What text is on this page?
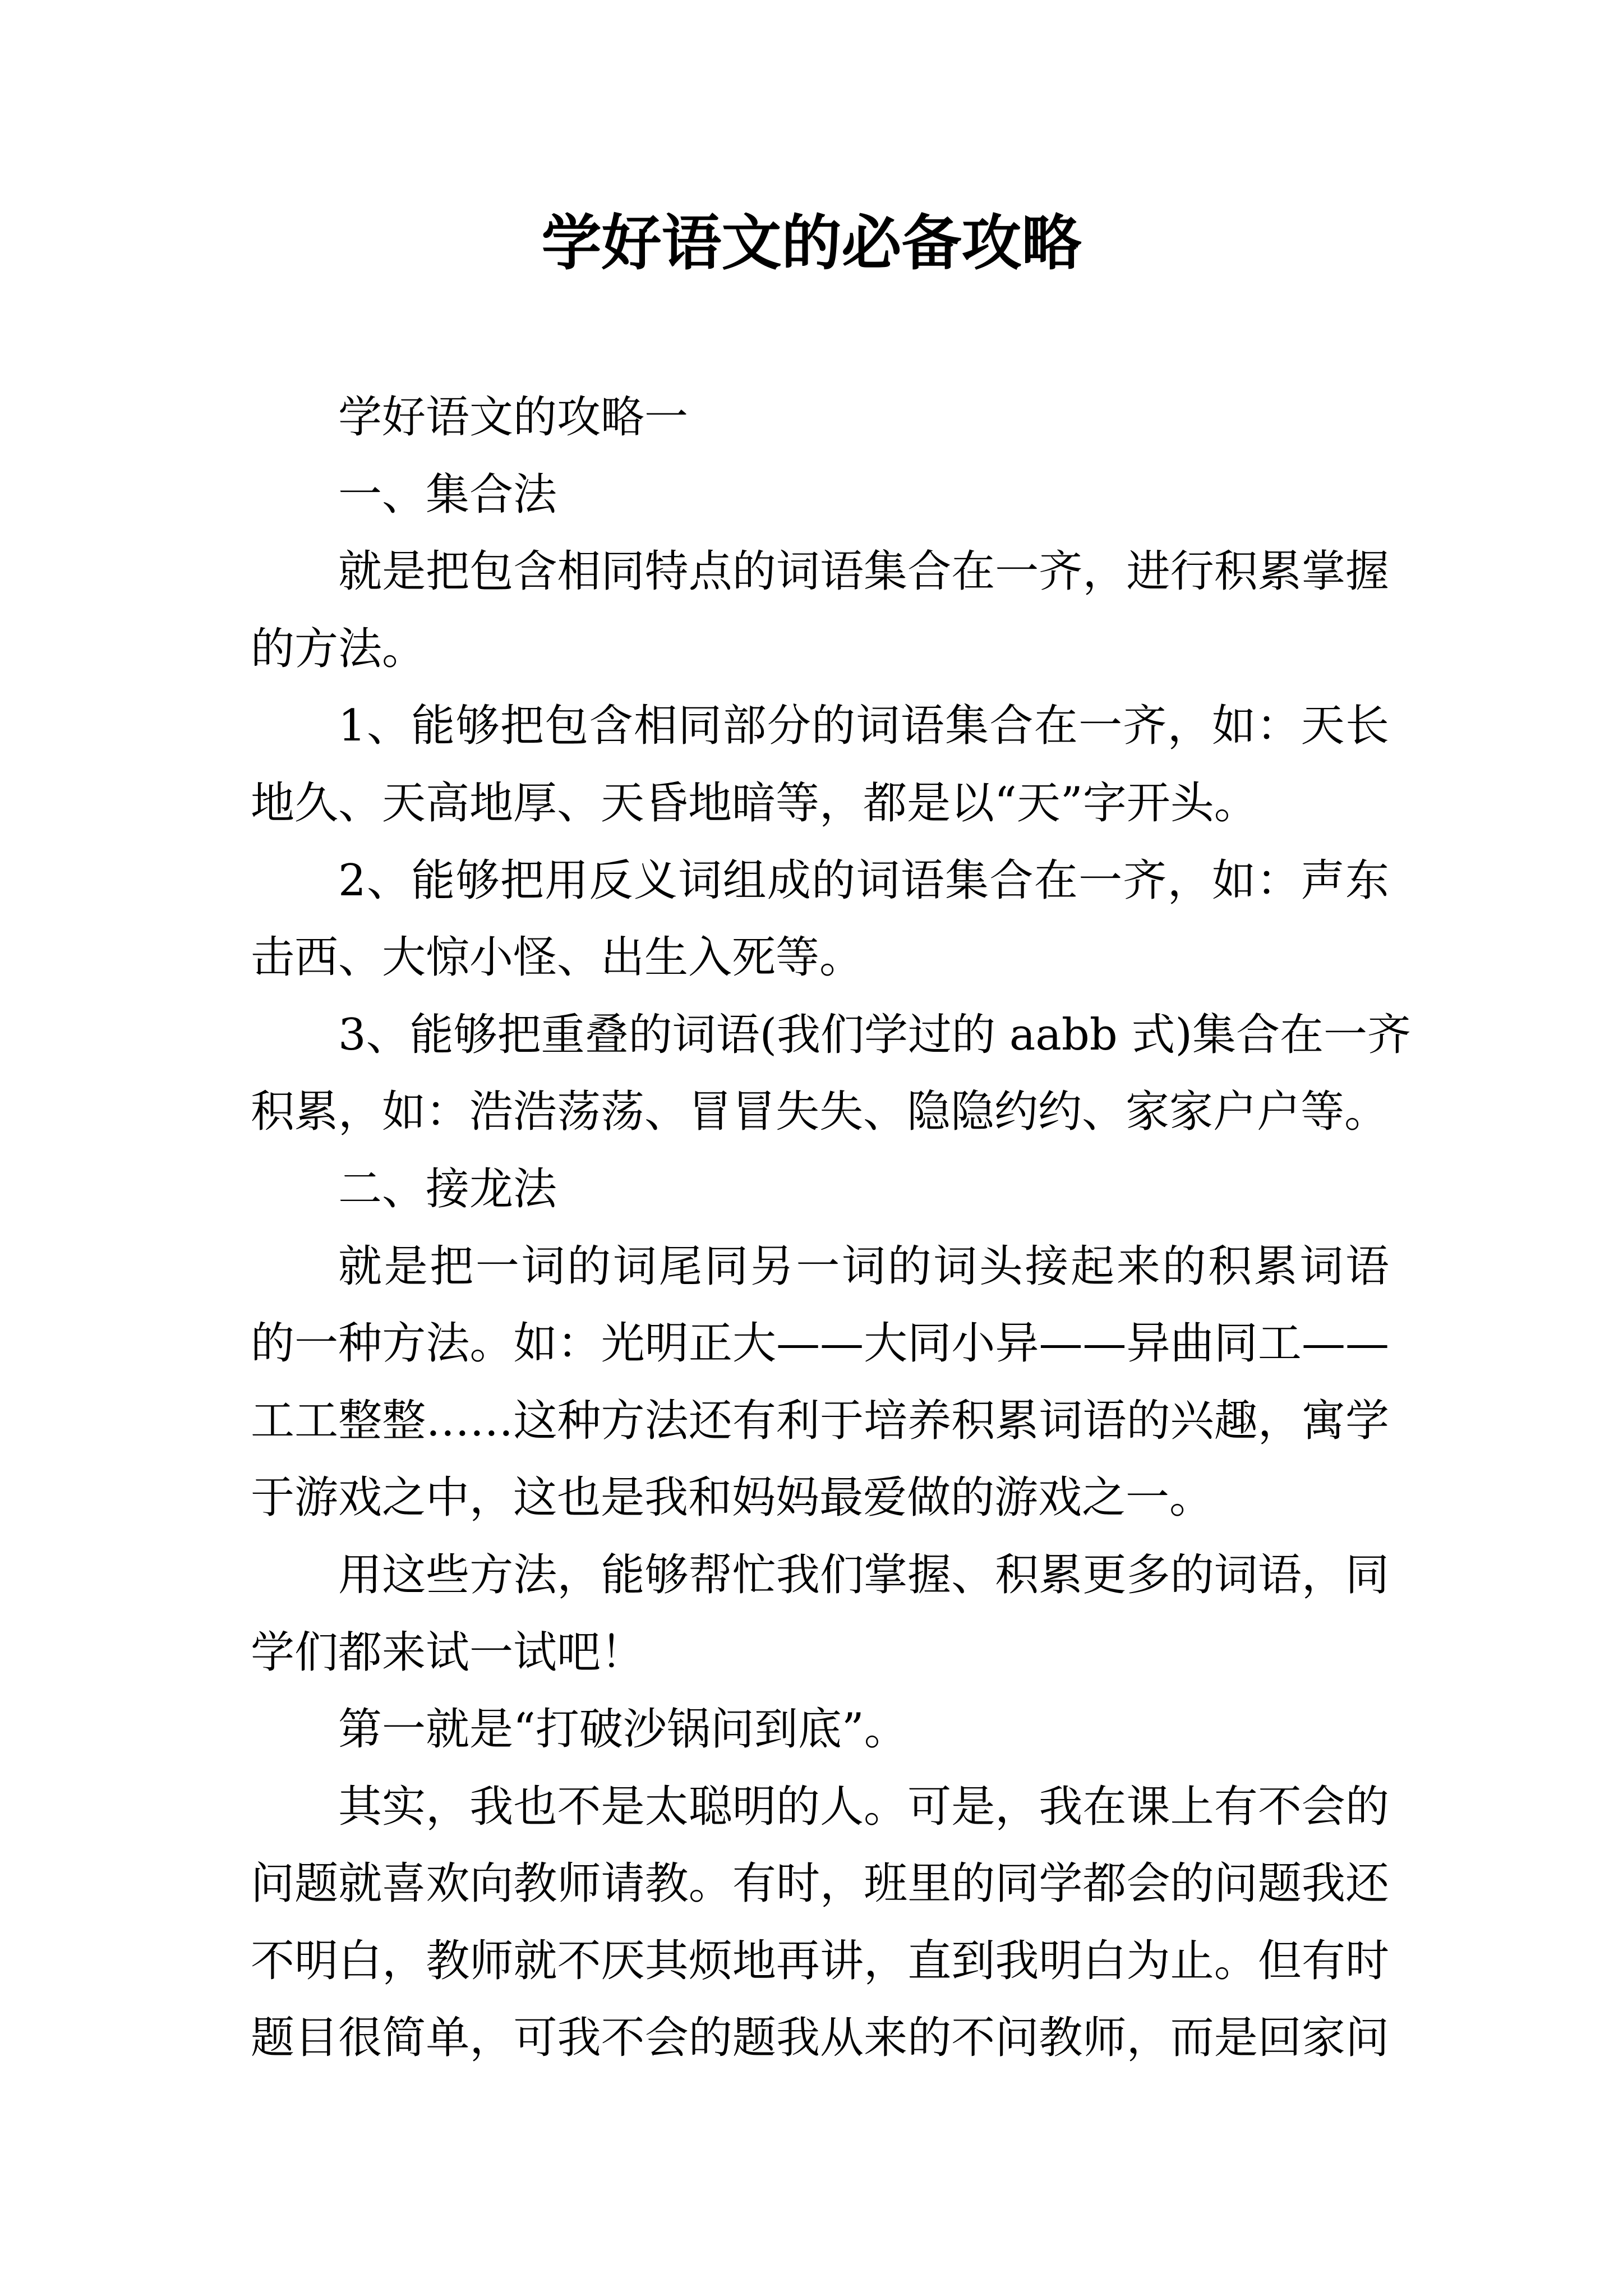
学好语文的必备攻略
学好语文的攻略一
一、集合法
就是把包含相同特点的词语集合在一齐，进行积累掌握
的方法。
1、能够把包含相同部分的词语集合在一齐，如：天长
地久、天高地厚、天昏地暗等，都是以“天”字开头。
2、能够把用反义词组成的词语集合在一齐，如：声东
击西、大惊小怪、出生入死等。
3、能够把重叠的词语(我们学过的 aabb 式)集合在一齐
积累，如：浩浩荡荡、冒冒失失、隐隐约约、家家户户等。
二、接龙法
就是把一词的词尾同另一词的词头接起来的积累词语
的一种方法。如：光明正大——大同小异——异曲同工——
工工整整……这种方法还有利于培养积累词语的兴趣，寓学
于游戏之中，这也是我和妈妈最爱做的游戏之一。
用这些方法，能够帮忙我们掌握、积累更多的词语，同
学们都来试一试吧！
第一就是“打破沙锅问到底”。
其实，我也不是太聪明的人。可是，我在课上有不会的
问题就喜欢向教师请教。有时，班里的同学都会的问题我还
不明白，教师就不厌其烦地再讲，直到我明白为止。但有时
题目很简单，可我不会的题我从来的不问教师，而是回家问
